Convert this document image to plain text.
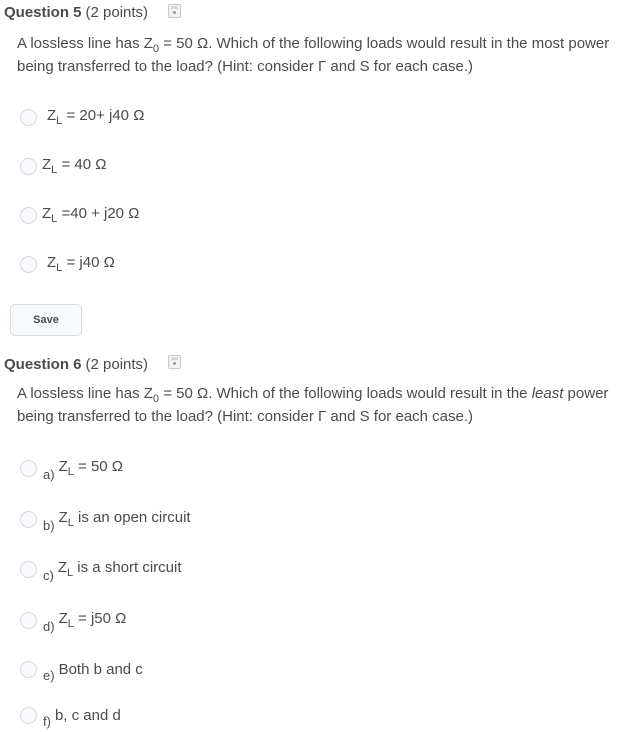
Question 5 (2 points)
A lossless line has $Z_0 = 50$ Ω. Which of the following loads would result in the most power being transferred to the load? (Hint: consider Γ and S for each case.)
$Z_L = 20+ j40$ Ω
$Z_L = 40$ Ω
$Z_L =40 + j20$ Ω
$Z_L = j40$ Ω
Save
Question 6 (2 points)
A lossless line has $Z_0 = 50$ Ω. Which of the following loads would result in the least power being transferred to the load? (Hint: consider Γ and S for each case.)
a) $Z_L = 50$ Ω
b) $Z_L$ is an open circuit
c) $Z_L$ is a short circuit
d) $Z_L = j50$ Ω
e) Both b and c
f) b, c and d
